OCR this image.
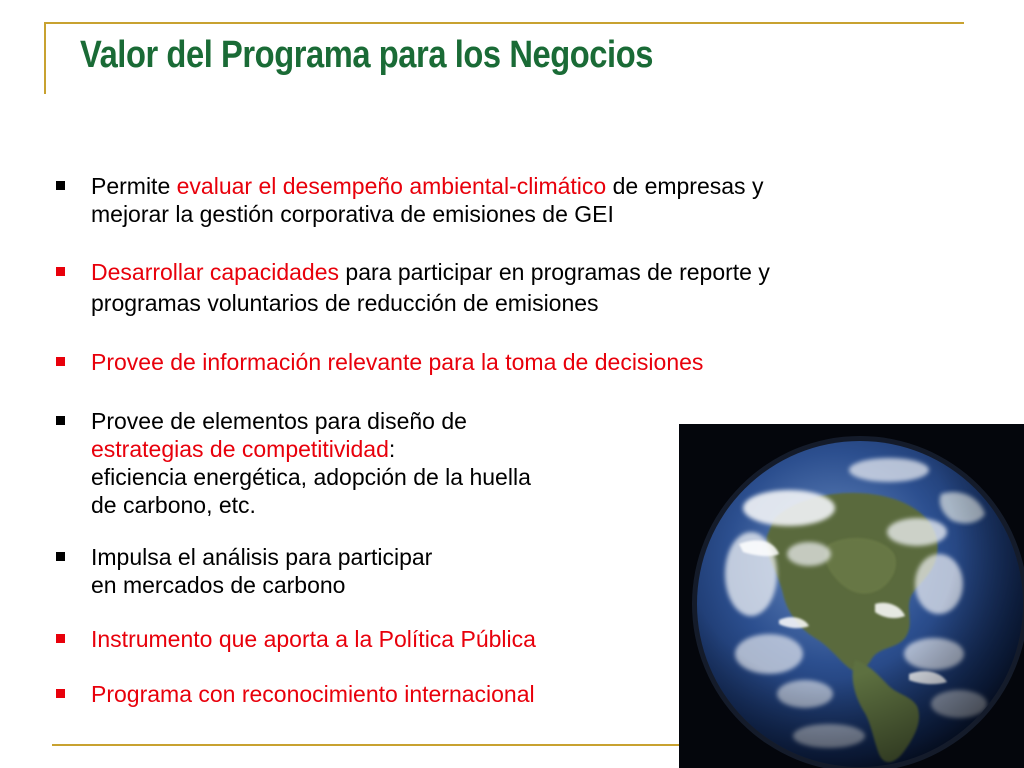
Valor del Programa para los Negocios
Permite evaluar el desempeño ambiental-climático de empresas y
mejorar la gestión corporativa de emisiones de GEI
Desarrollar capacidades para participar en programas de reporte y
programas voluntarios de reducción de emisiones
Provee de información relevante para la toma de decisiones
Provee de elementos para diseño de
estrategias de competitividad:
eficiencia energética, adopción de la huella
de carbono, etc.
Impulsa el análisis para participar
en mercados de carbono
Instrumento que aporta a la Política Pública
Programa con reconocimiento internacional
